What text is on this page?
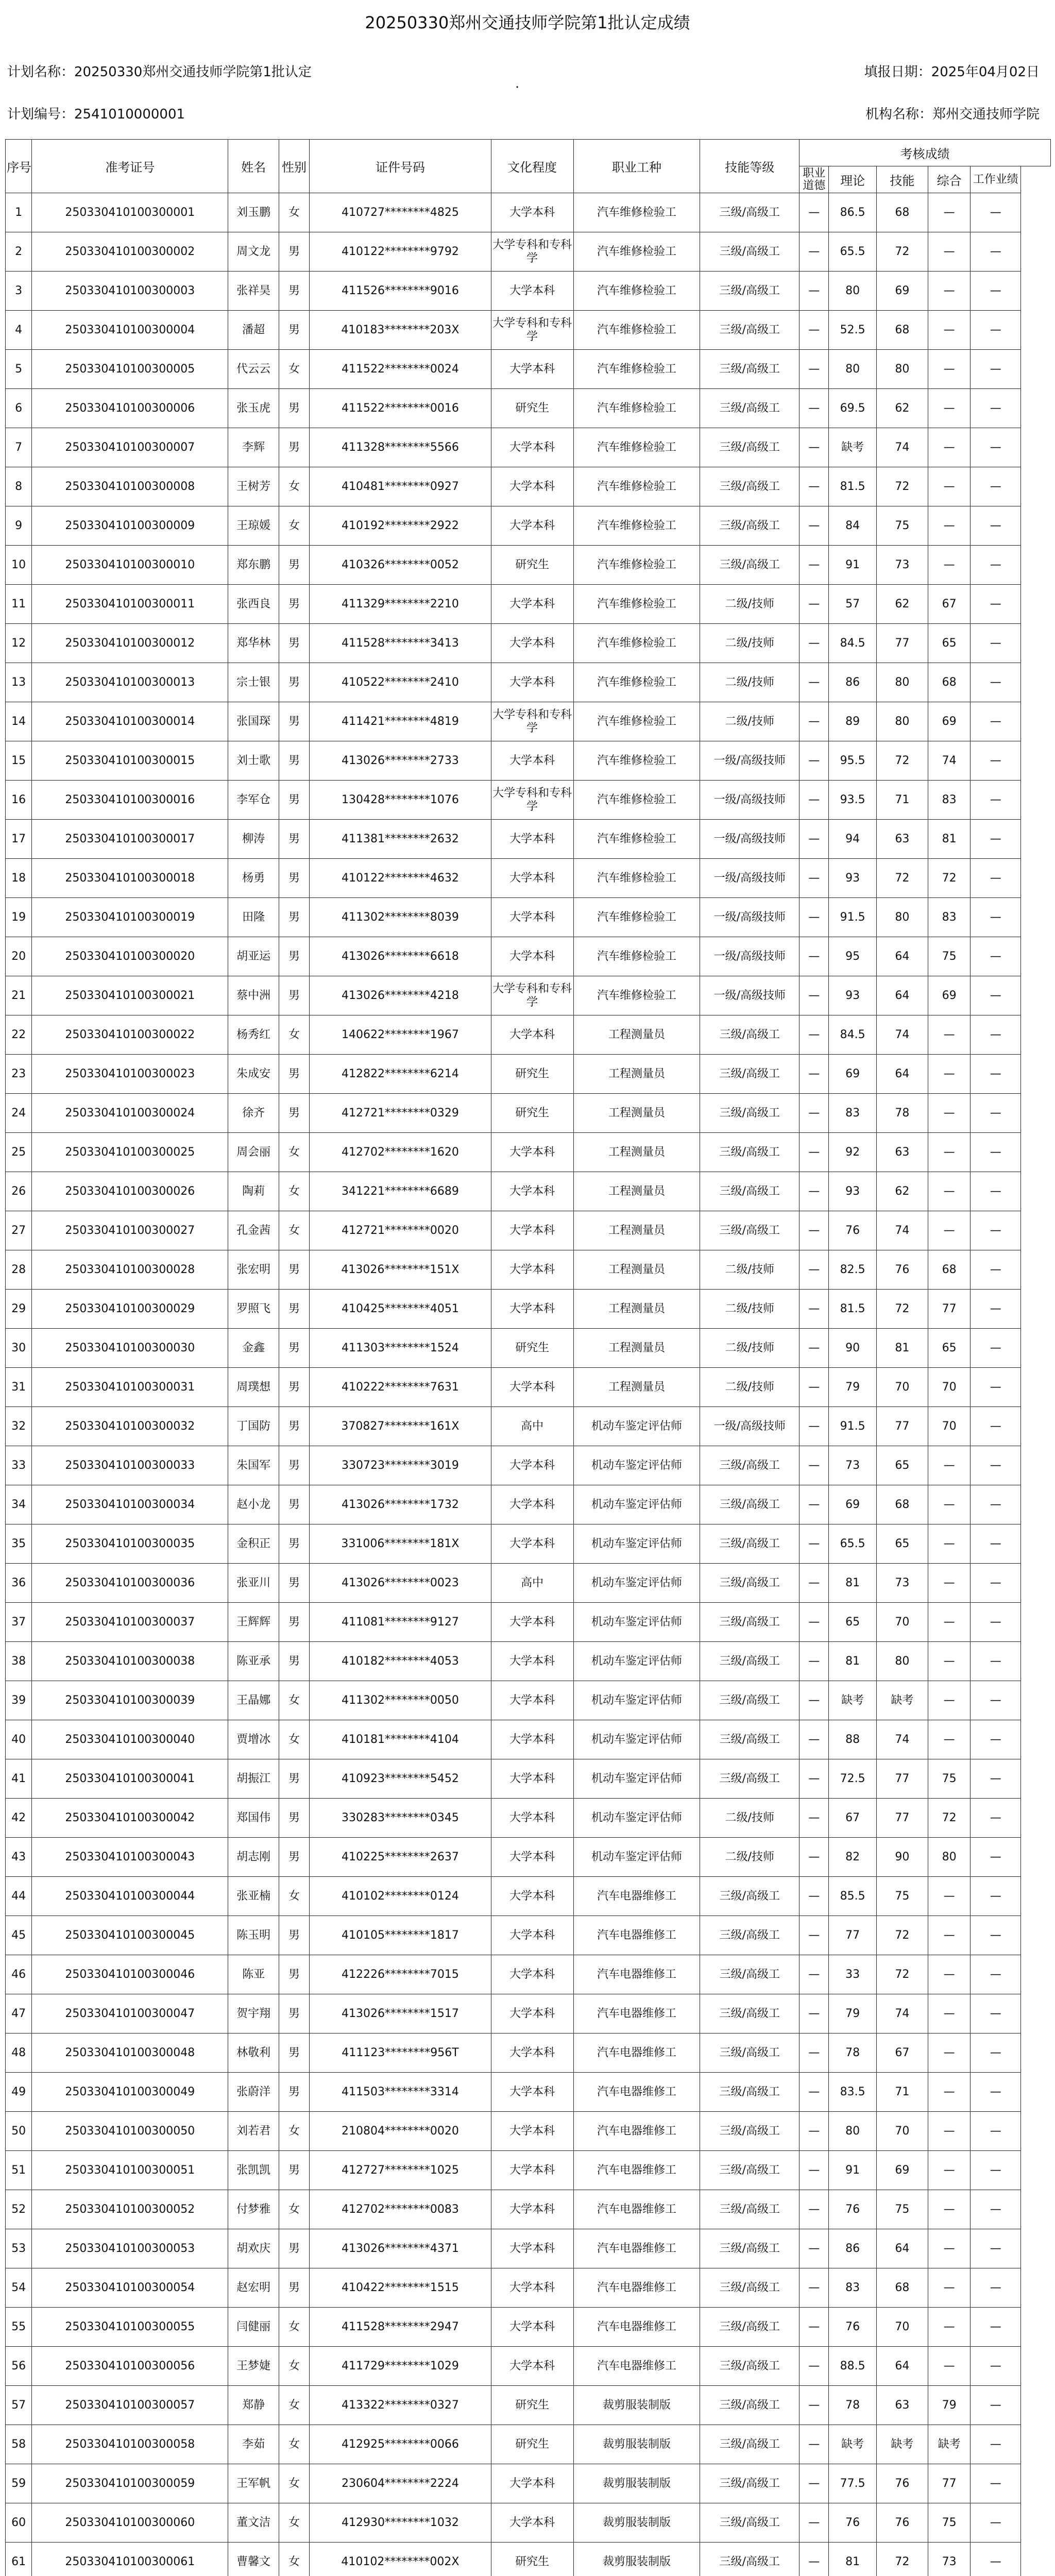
20250330郑州交通技师学院第1批认定成绩
计划名称：20250330郑州交通技师学院第1批认定
·
填报日期：2025年04月02日
计划编号：2541010000001	机构名称：郑州交通技师学院
序号	准考证号	姓名	性别	证件号码	文化程度	职业工种	技能等级	考核成绩				
								职业道德	理论	技能	综合	工作业绩
1	250330410100300001	刘玉鹏	女	410727********4825	大学本科	汽车维修检验工	三级/高级工	—	86.5	68	—	—
2	250330410100300002	周文龙	男	410122********9792	大学专科和专科学	汽车维修检验工	三级/高级工	—	65.5	72	—	—
3	250330410100300003	张祥昊	男	411526********9016	大学本科	汽车维修检验工	三级/高级工	—	80	69	—	—
4	250330410100300004	潘超	男	410183********203X	大学专科和专科学	汽车维修检验工	三级/高级工	—	52.5	68	—	—
5	250330410100300005	代云云	女	411522********0024	大学本科	汽车维修检验工	三级/高级工	—	80	80	—	—
6	250330410100300006	张玉虎	男	411522********0016	研究生	汽车维修检验工	三级/高级工	—	69.5	62	—	—
7	250330410100300007	李辉	男	411328********5566	大学本科	汽车维修检验工	三级/高级工	—	缺考	74	—	—
8	250330410100300008	王树芳	女	410481********0927	大学本科	汽车维修检验工	三级/高级工	—	81.5	72	—	—
9	250330410100300009	王琼媛	女	410192********2922	大学本科	汽车维修检验工	三级/高级工	—	84	75	—	—
10	250330410100300010	郑东鹏	男	410326********0052	研究生	汽车维修检验工	三级/高级工	—	91	73	—	—
11	250330410100300011	张西良	男	411329********2210	大学本科	汽车维修检验工	二级/技师	—	57	62	67	—
12	250330410100300012	郑华林	男	411528********3413	大学本科	汽车维修检验工	二级/技师	—	84.5	77	65	—
13	250330410100300013	宗士银	男	410522********2410	大学本科	汽车维修检验工	二级/技师	—	86	80	68	—
14	250330410100300014	张国琛	男	411421********4819	大学专科和专科学	汽车维修检验工	二级/技师	—	89	80	69	—
15	250330410100300015	刘士歌	男	413026********2733	大学本科	汽车维修检验工	一级/高级技师	—	95.5	72	74	—
16	250330410100300016	李军仓	男	130428********1076	大学专科和专科学	汽车维修检验工	一级/高级技师	—	93.5	71	83	—
17	250330410100300017	柳涛	男	411381********2632	大学本科	汽车维修检验工	一级/高级技师	—	94	63	81	—
18	250330410100300018	杨勇	男	410122********4632	大学本科	汽车维修检验工	一级/高级技师	—	93	72	72	—
19	250330410100300019	田隆	男	411302********8039	大学本科	汽车维修检验工	一级/高级技师	—	91.5	80	83	—
20	250330410100300020	胡亚运	男	413026********6618	大学本科	汽车维修检验工	一级/高级技师	—	95	64	75	—
21	250330410100300021	蔡中洲	男	413026********4218	大学专科和专科学	汽车维修检验工	一级/高级技师	—	93	64	69	—
22	250330410100300022	杨秀红	女	140622********1967	大学本科	工程测量员	三级/高级工	—	84.5	74	—	—
23	250330410100300023	朱成安	男	412822********6214	研究生	工程测量员	三级/高级工	—	69	64	—	—
24	250330410100300024	徐齐	男	412721********0329	研究生	工程测量员	三级/高级工	—	83	78	—	—
25	250330410100300025	周会丽	女	412702********1620	大学本科	工程测量员	三级/高级工	—	92	63	—	—
26	250330410100300026	陶莉	女	341221********6689	大学本科	工程测量员	三级/高级工	—	93	62	—	—
27	250330410100300027	孔金茜	女	412721********0020	大学本科	工程测量员	三级/高级工	—	76	74	—	—
28	250330410100300028	张宏明	男	413026********151X	大学本科	工程测量员	二级/技师	—	82.5	76	68	—
29	250330410100300029	罗照飞	男	410425********4051	大学本科	工程测量员	二级/技师	—	81.5	72	77	—
30	250330410100300030	金鑫	男	411303********1524	研究生	工程测量员	二级/技师	—	90	81	65	—
31	250330410100300031	周璞想	男	410222********7631	大学本科	工程测量员	二级/技师	—	79	70	70	—
32	250330410100300032	丁国防	男	370827********161X	高中	机动车鉴定评估师	一级/高级技师	—	91.5	77	70	—
33	250330410100300033	朱国军	男	330723********3019	大学本科	机动车鉴定评估师	三级/高级工	—	73	65	—	—
34	250330410100300034	赵小龙	男	413026********1732	大学本科	机动车鉴定评估师	三级/高级工	—	69	68	—	—
35	250330410100300035	金积正	男	331006********181X	大学本科	机动车鉴定评估师	三级/高级工	—	65.5	65	—	—
36	250330410100300036	张亚川	男	413026********0023	高中	机动车鉴定评估师	三级/高级工	—	81	73	—	—
37	250330410100300037	王辉辉	男	411081********9127	大学本科	机动车鉴定评估师	三级/高级工	—	65	70	—	—
38	250330410100300038	陈亚承	男	410182********4053	大学本科	机动车鉴定评估师	三级/高级工	—	81	80	—	—
39	250330410100300039	王晶娜	女	411302********0050	大学本科	机动车鉴定评估师	三级/高级工	—	缺考	缺考	—	—
40	250330410100300040	贾增冰	女	410181********4104	大学本科	机动车鉴定评估师	三级/高级工	—	88	74	—	—
41	250330410100300041	胡振江	男	410923********5452	大学本科	机动车鉴定评估师	三级/高级工	—	72.5	77	75	—
42	250330410100300042	郑国伟	男	330283********0345	大学本科	机动车鉴定评估师	二级/技师	—	67	77	72	—
43	250330410100300043	胡志刚	男	410225********2637	大学本科	机动车鉴定评估师	二级/技师	—	82	90	80	—
44	250330410100300044	张亚楠	女	410102********0124	大学本科	汽车电器维修工	三级/高级工	—	85.5	75	—	—
45	250330410100300045	陈玉明	男	410105********1817	大学本科	汽车电器维修工	三级/高级工	—	77	72	—	—
46	250330410100300046	陈亚	男	412226********7015	大学本科	汽车电器维修工	三级/高级工	—	33	72	—	—
47	250330410100300047	贺宇翔	男	413026********1517	大学本科	汽车电器维修工	三级/高级工	—	79	74	—	—
48	250330410100300048	林敬利	男	411123********956T	大学本科	汽车电器维修工	三级/高级工	—	78	67	—	—
49	250330410100300049	张蔚洋	男	411503********3314	大学本科	汽车电器维修工	三级/高级工	—	83.5	71	—	—
50	250330410100300050	刘若君	女	210804********0020	大学本科	汽车电器维修工	三级/高级工	—	80	70	—	—
51	250330410100300051	张凯凯	男	412727********1025	大学本科	汽车电器维修工	三级/高级工	—	91	69	—	—
52	250330410100300052	付梦雅	女	412702********0083	大学本科	汽车电器维修工	三级/高级工	—	76	75	—	—
53	250330410100300053	胡欢庆	男	413026********4371	大学本科	汽车电器维修工	三级/高级工	—	86	64	—	—
54	250330410100300054	赵宏明	男	410422********1515	大学本科	汽车电器维修工	三级/高级工	—	83	68	—	—
55	250330410100300055	闫健丽	女	411528********2947	大学本科	汽车电器维修工	三级/高级工	—	76	70	—	—
56	250330410100300056	王梦婕	女	411729********1029	大学本科	汽车电器维修工	三级/高级工	—	88.5	64	—	—
57	250330410100300057	郑静	女	413322********0327	研究生	裁剪服装制版	三级/高级工	—	78	63	79	—
58	250330410100300058	李茹	女	412925********0066	研究生	裁剪服装制版	三级/高级工	—	缺考	缺考	缺考	—
59	250330410100300059	王军帆	女	230604********2224	大学本科	裁剪服装制版	三级/高级工	—	77.5	76	77	—
60	250330410100300060	董文洁	女	412930********1032	大学本科	裁剪服装制版	三级/高级工	—	76	76	75	—
61	250330410100300061	曹馨文	女	410102********002X	研究生	裁剪服装制版	三级/高级工	—	81	72	73	—
